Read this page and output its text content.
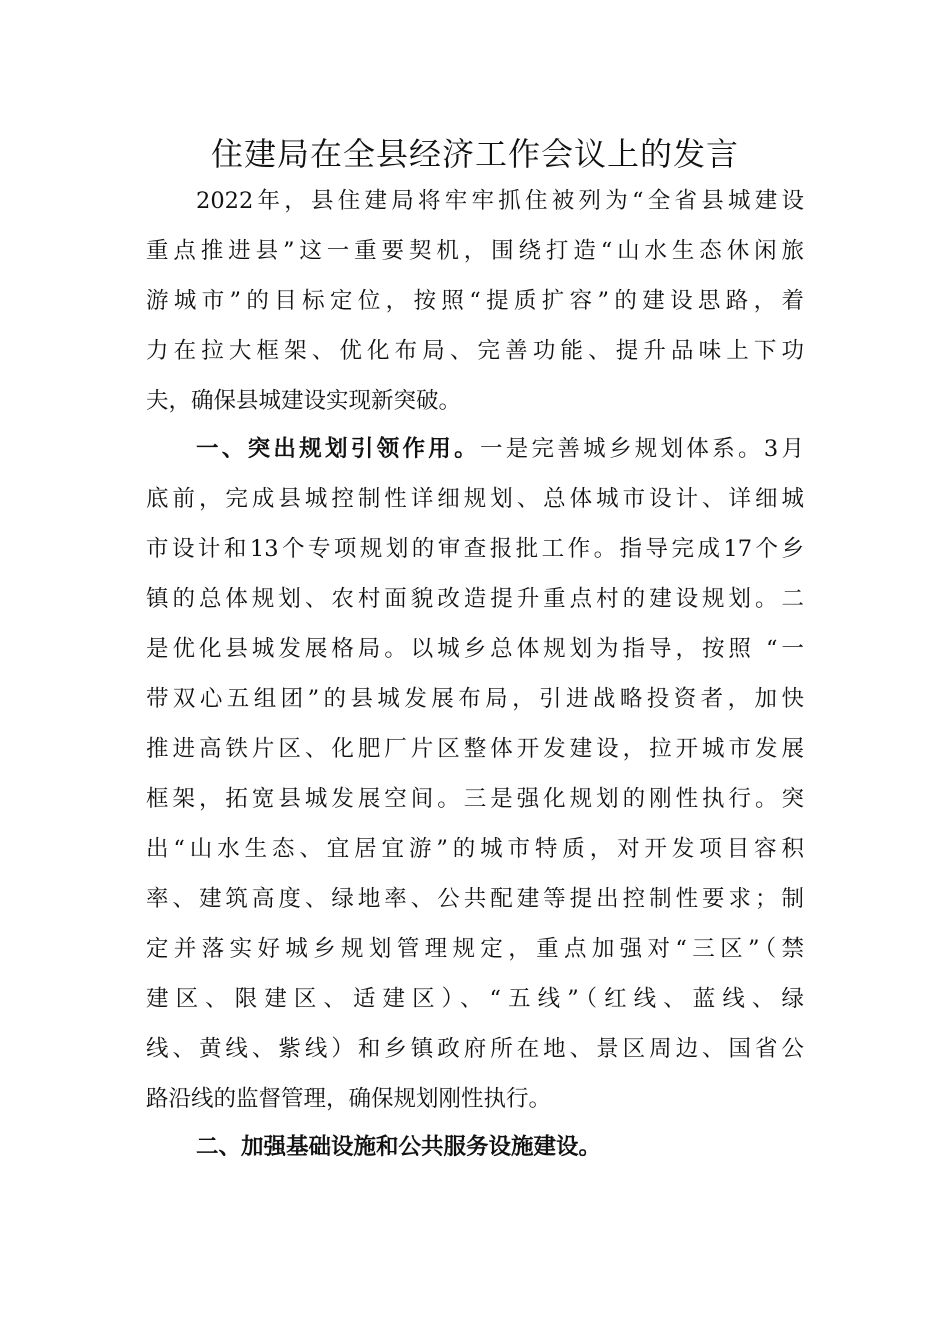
住建局在全县经济工作会议上的发言
2022年，县住建局将牢牢抓住被列为“全省县城建设
重点推进县”这一重要契机，围绕打造“山水生态休闲旅
游城市”的目标定位，按照“提质扩容”的建设思路，着
力在拉大框架、优化布局、完善功能、提升品味上下功
夫，确保县城建设实现新突破。
一、突出规划引领作用。一是完善城乡规划体系。3月
底前，完成县城控制性详细规划、总体城市设计、详细城
市设计和13个专项规划的审查报批工作。指导完成17个乡
镇的总体规划、农村面貌改造提升重点村的建设规划。二
是优化县城发展格局。以城乡总体规划为指导，按照 “一
带双心五组团”的县城发展布局，引进战略投资者，加快
推进高铁片区、化肥厂片区整体开发建设，拉开城市发展
框架，拓宽县城发展空间。三是强化规划的刚性执行。突
出“山水生态、宜居宜游”的城市特质，对开发项目容积
率、建筑高度、绿地率、公共配建等提出控制性要求；制
定并落实好城乡规划管理规定，重点加强对“三区”（禁
建区、限建区、适建区）、“五线”（红线、蓝线、绿
线、黄线、紫线）和乡镇政府所在地、景区周边、国省公
路沿线的监督管理，确保规划刚性执行。
二、加强基础设施和公共服务设施建设。
